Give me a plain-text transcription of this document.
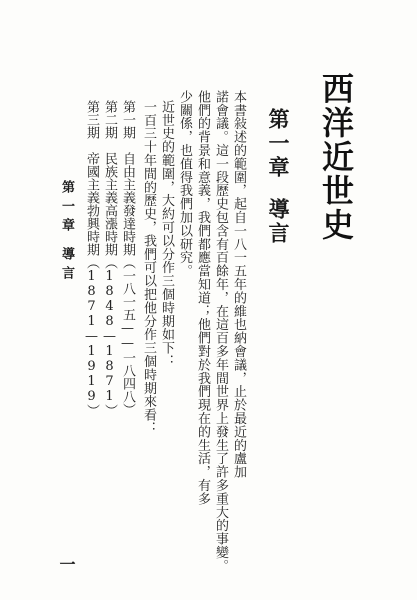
西洋近世史
第一章導言
本書敍述的範圍，起自一八一五年的維也納會議，止於最近的盧加
諾會議。這一段歷史包含有百餘年，在這百多年間世界上發生了許多重大的事變。
他們的背景和意義，我們都應當知道；他們對於我們現在的生活，有多
少關係，也值得我們加以研究。
近世史的範圍，大約可以分作三個時期如下：
一百三十年間的歷史，我們可以把他分作三個時期來看：
第一期　自由主義發達時期（一八一五——一八四八）
第二期　民族主義高漲時期（1848—1871）
第三期　帝國主義勃興時期（1871—1919）
第一章導言
一
